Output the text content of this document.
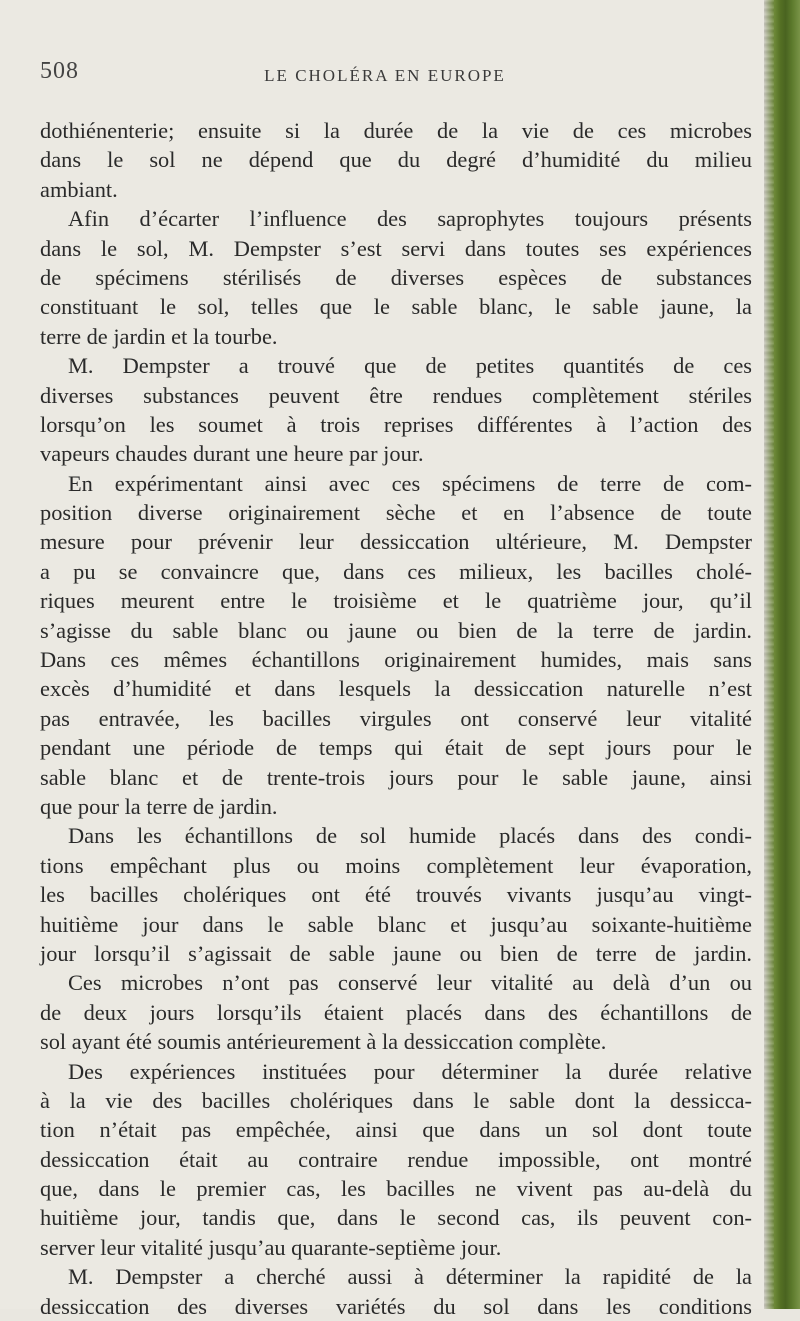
508	LE CHOLÉRA EN EUROPE
dothiénenterie; ensuite si la durée de la vie de ces microbes
dans le sol ne dépend que du degré d’humidité du milieu
ambiant.
Afin d’écarter l’influence des saprophytes toujours présents
dans le sol, M. Dempster s’est servi dans toutes ses expériences
de spécimens stérilisés de diverses espèces de substances
constituant le sol, telles que le sable blanc, le sable jaune, la
terre de jardin et la tourbe.
M. Dempster a trouvé que de petites quantités de ces
diverses substances peuvent être rendues complètement stériles
lorsqu’on les soumet à trois reprises différentes à l’action des
vapeurs chaudes durant une heure par jour.
En expérimentant ainsi avec ces spécimens de terre de com-
position diverse originairement sèche et en l’absence de toute
mesure pour prévenir leur dessiccation ultérieure, M. Dempster
a pu se convaincre que, dans ces milieux, les bacilles cholé-
riques meurent entre le troisième et le quatrième jour, qu’il
s’agisse du sable blanc ou jaune ou bien de la terre de jardin.
Dans ces mêmes échantillons originairement humides, mais sans
excès d’humidité et dans lesquels la dessiccation naturelle n’est
pas entravée, les bacilles virgules ont conservé leur vitalité
pendant une période de temps qui était de sept jours pour le
sable blanc et de trente-trois jours pour le sable jaune, ainsi
que pour la terre de jardin.
Dans les échantillons de sol humide placés dans des condi-
tions empêchant plus ou moins complètement leur évaporation,
les bacilles cholériques ont été trouvés vivants jusqu’au vingt-
huitième jour dans le sable blanc et jusqu’au soixante-huitième
jour lorsqu’il s’agissait de sable jaune ou bien de terre de jardin.
Ces microbes n’ont pas conservé leur vitalité au delà d’un ou
de deux jours lorsqu’ils étaient placés dans des échantillons de
sol ayant été soumis antérieurement à la dessiccation complète.
Des expériences instituées pour déterminer la durée relative
à la vie des bacilles cholériques dans le sable dont la dessicca-
tion n’était pas empêchée, ainsi que dans un sol dont toute
dessiccation était au contraire rendue impossible, ont montré
que, dans le premier cas, les bacilles ne vivent pas au-delà du
huitième jour, tandis que, dans le second cas, ils peuvent con-
server leur vitalité jusqu’au quarante-septième jour.
M. Dempster a cherché aussi à déterminer la rapidité de la
dessiccation des diverses variétés du sol dans les conditions
